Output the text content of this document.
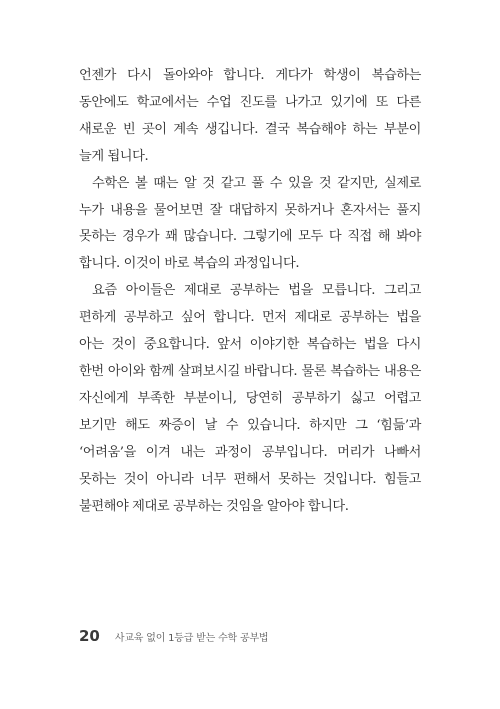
언젠가 다시 돌아와야 합니다. 게다가 학생이 복습하는 동안에도 학교에서는 수업 진도를 나가고 있기에 또 다른 새로운 빈 곳이 계속 생깁니다. 결국 복습해야 하는 부분이 늘게 됩니다.

수학은 볼 때는 알 것 같고 풀 수 있을 것 같지만, 실제로 누가 내용을 물어보면 잘 대답하지 못하거나 혼자서는 풀지 못하는 경우가 꽤 많습니다. 그렇기에 모두 다 직접 해 봐야 합니다. 이것이 바로 복습의 과정입니다.

요즘 아이들은 제대로 공부하는 법을 모릅니다. 그리고 편하게 공부하고 싶어 합니다. 먼저 제대로 공부하는 법을 아는 것이 중요합니다. 앞서 이야기한 복습하는 법을 다시 한번 아이와 함께 살펴보시길 바랍니다. 물론 복습하는 내용은 자신에게 부족한 부분이니, 당연히 공부하기 싫고 어렵고 보기만 해도 짜증이 날 수 있습니다. 하지만 그 ‘힘듦’과 ‘어려움’을 이겨 내는 과정이 공부입니다. 머리가 나빠서 못하는 것이 아니라 너무 편해서 못하는 것입니다. 힘들고 불편해야 제대로 공부하는 것임을 알아야 합니다.

20 사교육 없이 1등급 받는 수학 공부법
